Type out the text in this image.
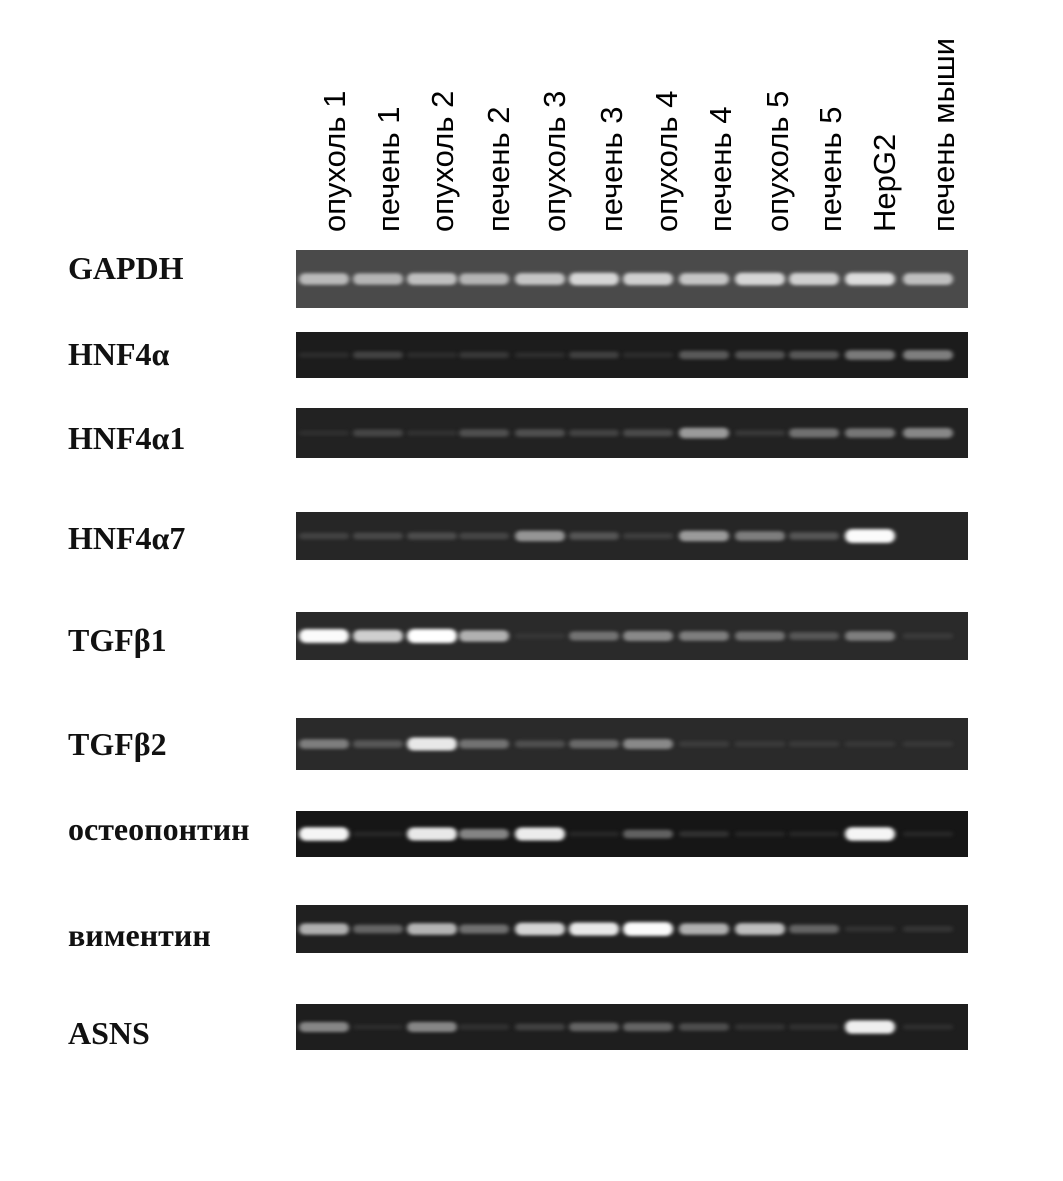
опухоль 1 печень 1 опухоль 2 печень 2 опухоль 3 печень 3 опухоль 4 печень 4 опухоль 5 печень 5 HepG2 печень мыши
GAPDH
HNF4α
HNF4α1
HNF4α7
TGFβ1
TGFβ2
остеопонтин
вимeнтин
ASNS
